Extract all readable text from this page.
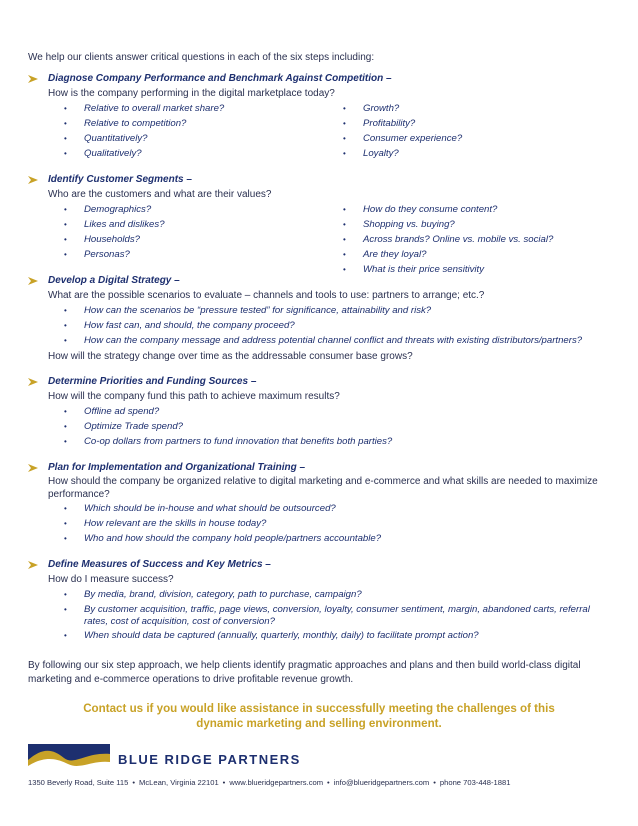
We help our clients answer critical questions in each of the six steps including:
Diagnose Company Performance and Benchmark Against Competition –
How is the company performing in the digital marketplace today?
• Relative to overall market share?
• Relative to competition?
• Quantitatively?
• Qualitatively?
• Growth?
• Profitability?
• Consumer experience?
• Loyalty?
Identify Customer Segments –
Who are the customers and what are their values?
• Demographics?
• Likes and dislikes?
• Households?
• Personas?
• How do they consume content?
• Shopping vs. buying?
• Across brands? Online vs. mobile vs. social?
• Are they loyal?
• What is their price sensitivity
Develop a Digital Strategy –
What are the possible scenarios to evaluate – channels and tools to use: partners to arrange; etc.?
• How can the scenarios be “pressure tested” for significance, attainability and risk?
• How fast can, and should, the company proceed?
• How can the company message and address potential channel conflict and threats with existing distributors/partners?
How will the strategy change over time as the addressable consumer base grows?
Determine Priorities and Funding Sources –
How will the company fund this path to achieve maximum results?
• Offline ad spend?
• Optimize Trade spend?
• Co-op dollars from partners to fund innovation that benefits both parties?
Plan for Implementation and Organizational Training –
How should the company be organized relative to digital marketing and e-commerce and what skills are needed to maximize performance?
• Which should be in-house and what should be outsourced?
• How relevant are the skills in house today?
• Who and how should the company hold people/partners accountable?
Define Measures of Success and Key Metrics –
How do I measure success?
• By media, brand, division, category, path to purchase, campaign?
• By customer acquisition, traffic, page views, conversion, loyalty, consumer sentiment, margin, abandoned carts, referral rates, cost of acquisition, cost of conversion?
• When should data be captured (annually, quarterly, monthly, daily) to facilitate prompt action?
By following our six step approach, we help clients identify pragmatic approaches and plans and then build world-class digital marketing and e-commerce operations to drive profitable revenue growth.
Contact us if you would like assistance in successfully meeting the challenges of this
dynamic marketing and selling environment.
BLUE RIDGE PARTNERS
1350 Beverly Road, Suite 115 • McLean, Virginia 22101 • www.blueridgepartners.com • info@blueridgepartners.com • phone 703-448-1881
